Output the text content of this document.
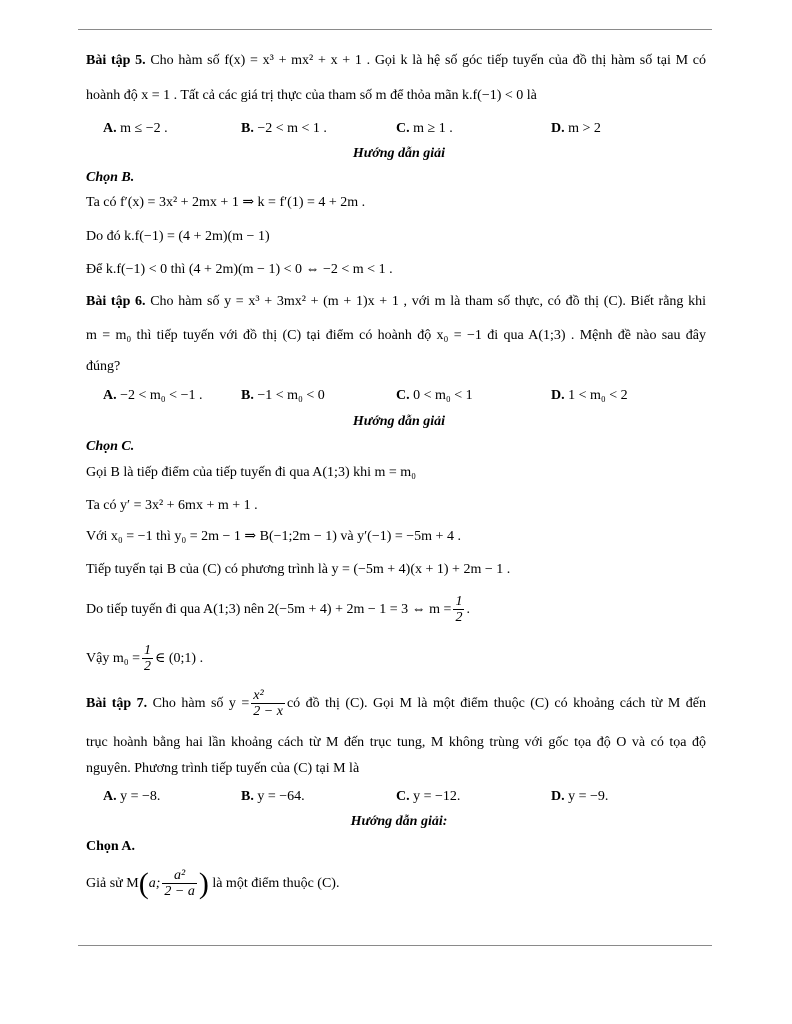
Bài tập 5. Cho hàm số f(x) = x³ + mx² + x + 1 . Gọi k là hệ số góc tiếp tuyến của đồ thị hàm số tại M có
hoành độ x = 1 . Tất cả các giá trị thực của tham số m để thỏa mãn k.f(−1) < 0 là
A. m ≤ −2 .	B. −2 < m < 1 .	C. m ≥ 1 .	D. m > 2
Hướng dẫn giải
Chọn B.
Ta có f′(x) = 3x² + 2mx + 1 ⇒ k = f′(1) = 4 + 2m .
Do đó k.f(−1) = (4 + 2m)(m − 1)
Để k.f(−1) < 0 thì (4 + 2m)(m − 1) < 0 ⇔ −2 < m < 1 .
Bài tập 6. Cho hàm số y = x³ + 3mx² + (m + 1)x + 1 , với m là tham số thực, có đồ thị (C). Biết rằng khi
m = m₀ thì tiếp tuyến với đồ thị (C) tại điểm có hoành độ x₀ = −1 đi qua A(1;3) . Mệnh đề nào sau đây
đúng?
A. −2 < m₀ < −1 .	B. −1 < m₀ < 0	C. 0 < m₀ < 1	D. 1 < m₀ < 2
Hướng dẫn giải
Chọn C.
Gọi B là tiếp điểm của tiếp tuyến đi qua A(1;3) khi m = m₀
Ta có y′ = 3x² + 6mx + m + 1 .
Với x₀ = −1 thì y₀ = 2m − 1 ⇒ B(−1;2m − 1) và y′(−1) = −5m + 4 .
Tiếp tuyến tại B của (C) có phương trình là y = (−5m + 4)(x + 1) + 2m − 1 .
Do tiếp tuyến đi qua A(1;3) nên 2(−5m + 4) + 2m − 1 = 3 ⇔ $m = \frac{1}{2}$ .
Vậy $m_0 = \frac{1}{2}$ ∈ (0;1) .
Bài tập 7. Cho hàm số $y = \frac{\text{x²}}{2 - x}$ có đồ thị (C). Gọi M là một điểm thuộc (C) có khoảng cách từ M đến
trục hoành bằng hai lần khoảng cách từ M đến trục tung, M không trùng với gốc tọa độ O và có tọa độ
nguyên. Phương trình tiếp tuyến của (C) tại M là
A. y = −8.	B. y = −64.	C. y = −12.	D. y = −9.
Hướng dẫn giải:
Chọn A.
Giả sử M(a; $\frac{\text{a²}}{2 - a}$ ) là một điểm thuộc (C).
